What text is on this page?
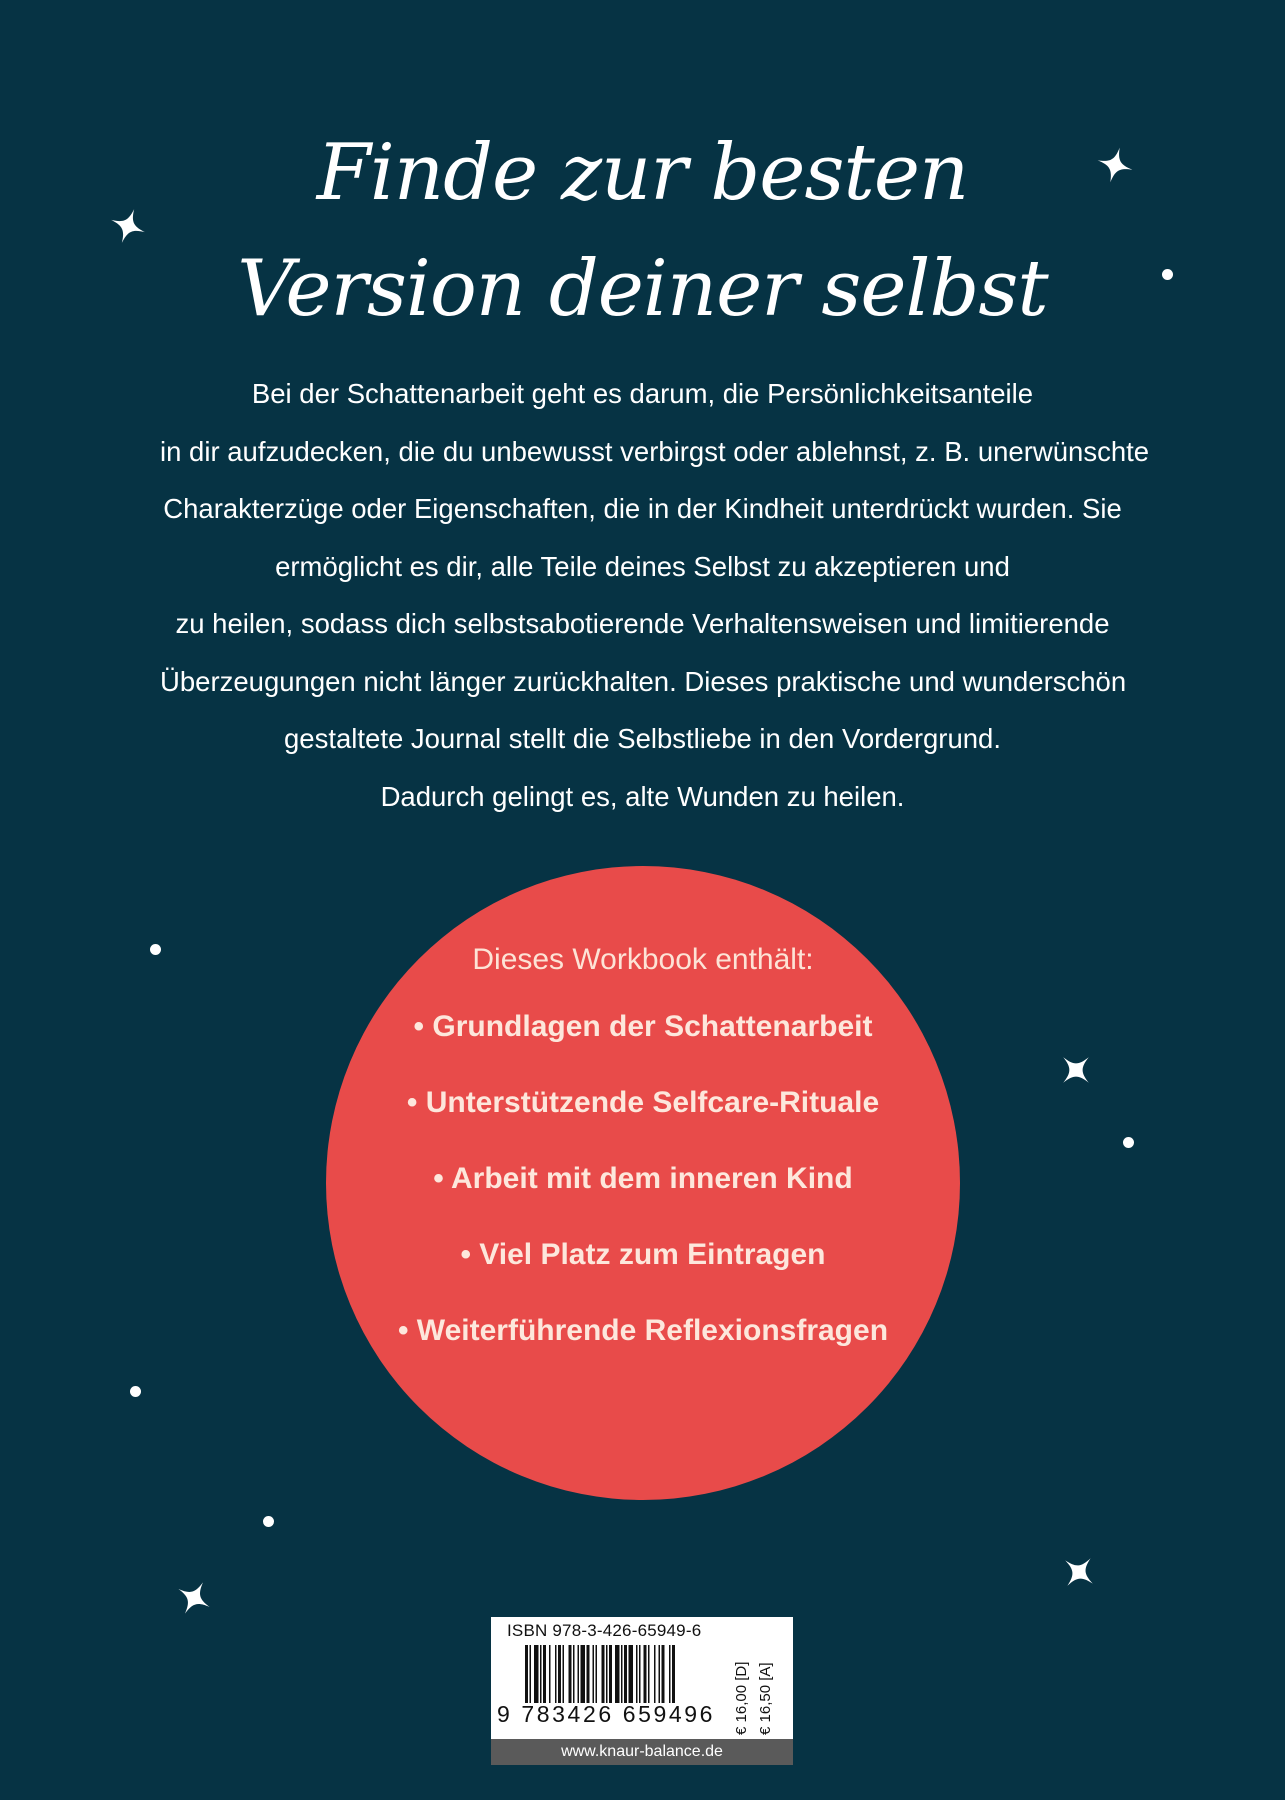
Finde zur besten
Version deiner selbst
Bei der Schattenarbeit geht es darum, die Persönlichkeitsanteile
in dir aufzudecken, die du unbewusst verbirgst oder ablehnst, z. B. unerwünschte
Charakterzüge oder Eigenschaften, die in der Kindheit unterdrückt wurden. Sie
ermöglicht es dir, alle Teile deines Selbst zu akzeptieren und
zu heilen, sodass dich selbstsabotierende Verhaltensweisen und limitierende
Überzeugungen nicht länger zurückhalten. Dieses praktische und wunderschön
gestaltete Journal stellt die Selbstliebe in den Vordergrund.
Dadurch gelingt es, alte Wunden zu heilen.
Dieses Workbook enthält:
• Grundlagen der Schattenarbeit
• Unterstützende Selfcare-Rituale
• Arbeit mit dem inneren Kind
• Viel Platz zum Eintragen
• Weiterführende Reflexionsfragen
ISBN 978-3-426-65949-6
9 783426 659496 € 16,00 [D] € 16,50 [A]
www.knaur-balance.de
